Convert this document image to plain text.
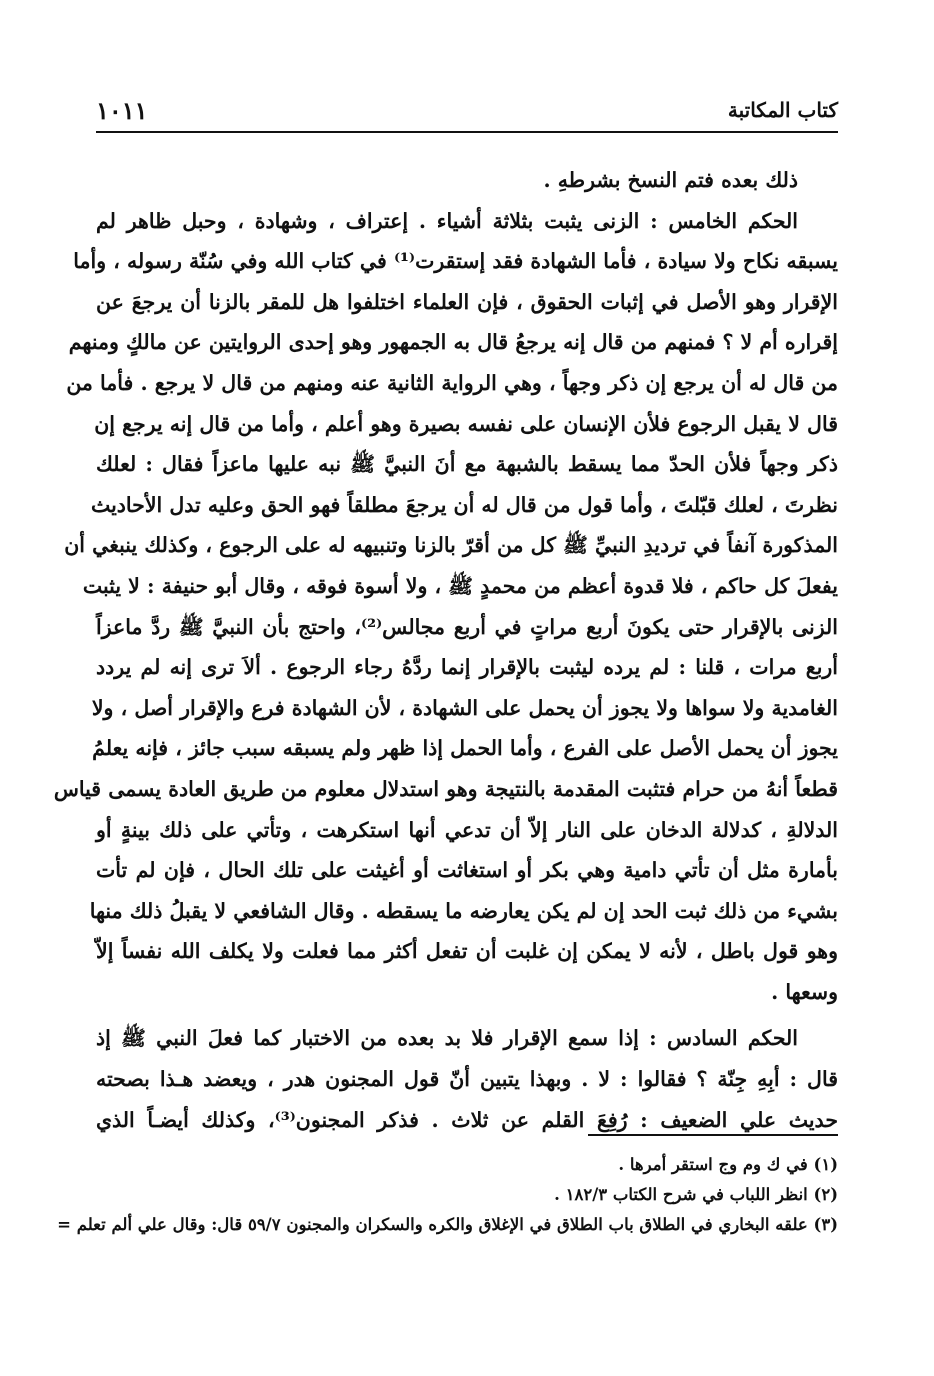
كتاب المكاتبة
١٠١١
ذلك بعده فتم النسخ بشرطهِ .
الحكم الخامس : الزنى يثبت بثلاثة أشياء . إعتراف ، وشهادة ، وحبل ظاهر لم
يسبقه نكاح ولا سيادة ، فأما الشهادة فقد إستقرت⁽¹⁾ في كتاب الله وفي سُنّة رسوله ، وأما
الإقرار وهو الأصل في إثبات الحقوق ، فإن العلماء اختلفوا هل للمقر بالزنا أن يرجعَ عن
إقراره أم لا ؟ فمنهم من قال إنه يرجعُ قال به الجمهور وهو إحدى الروايتين عن مالكٍ ومنهم
من قال له أن يرجع إن ذكر وجهاً ، وهي الرواية الثانية عنه ومنهم من قال لا يرجع . فأما من
قال لا يقبل الرجوع فلأن الإنسان على نفسه بصيرة وهو أعلم ، وأما من قال إنه يرجع إن
ذكر وجهاً فلأن الحدّ مما يسقط بالشبهة مع أنَ النبيَّ ﷺ نبه عليها ماعزاً فقال : لعلك
نظرتَ ، لعلك قبّلتَ ، وأما قول من قال له أن يرجعَ مطلقاً فهو الحق وعليه تدل الأحاديث
المذكورة آنفاً في ترديدِ النبيِّ ﷺ كل من أقرّ بالزنا وتنبيهه له على الرجوع ، وكذلك ينبغي أن
يفعلَ كل حاكم ، فلا قدوة أعظم من محمدٍ ﷺ ، ولا أسوة فوقه ، وقال أبو حنيفة : لا يثبت
الزنى بالإقرار حتى يكونَ أربع مراتٍ في أربع مجالس⁽²⁾، واحتج بأن النبيَّ ﷺ ردَّ ماعزاً
أربع مرات ، قلنا : لم يرده ليثبت بالإقرار إنما ردَّهُ رجاء الرجوع . ألاَ ترى إنه لم يردد
الغامدية ولا سواها ولا يجوز أن يحمل على الشهادة ، لأن الشهادة فرع والإقرار أصل ، ولا
يجوز أن يحمل الأصل على الفرع ، وأما الحمل إذا ظهر ولم يسبقه سبب جائز ، فإنه يعلمُ
قطعاً أنهُ من حرام فتثبت المقدمة بالنتيجة وهو استدلال معلوم من طريق العادة يسمى قياس
الدلالةِ ، كدلالة الدخان على النار إلاّ أن تدعي أنها استكرهت ، وتأتي على ذلك بينةٍ أو
بأمارة مثل أن تأتي دامية وهي بكر أو استغاثت أو أغيثت على تلك الحال ، فإن لم تأت
بشيء من ذلك ثبت الحد إن لم يكن يعارضه ما يسقطه . وقال الشافعي لا يقبلُ ذلك منها
وهو قول باطل ، لأنه لا يمكن إن غلبت أن تفعل أكثر مما فعلت ولا يكلف الله نفساً إلاّ
وسعها .
الحكم السادس : إذا سمع الإقرار فلا بد بعده من الاختبار كما فعلَ النبي ﷺ إذ
قال : أبِهِ جِنّة ؟ فقالوا : لا . وبهذا يتبين أنّ قول المجنون هدر ، ويعضد هـذا بصحته
حديث علي الضعيف : رُفِعَ القلم عن ثلاث . فذكر المجنون⁽³⁾، وكذلك أيضـاً الذي
(١) في ك وم وج استقر أمرها .
(٢) انظر اللباب في شرح الكتاب ١٨٢/٣ .
(٣) علقه البخاري في الطلاق باب الطلاق في الإغلاق والكره والسكران والمجنون ٥٩/٧ قال: وقال علي ألم تعلم =
